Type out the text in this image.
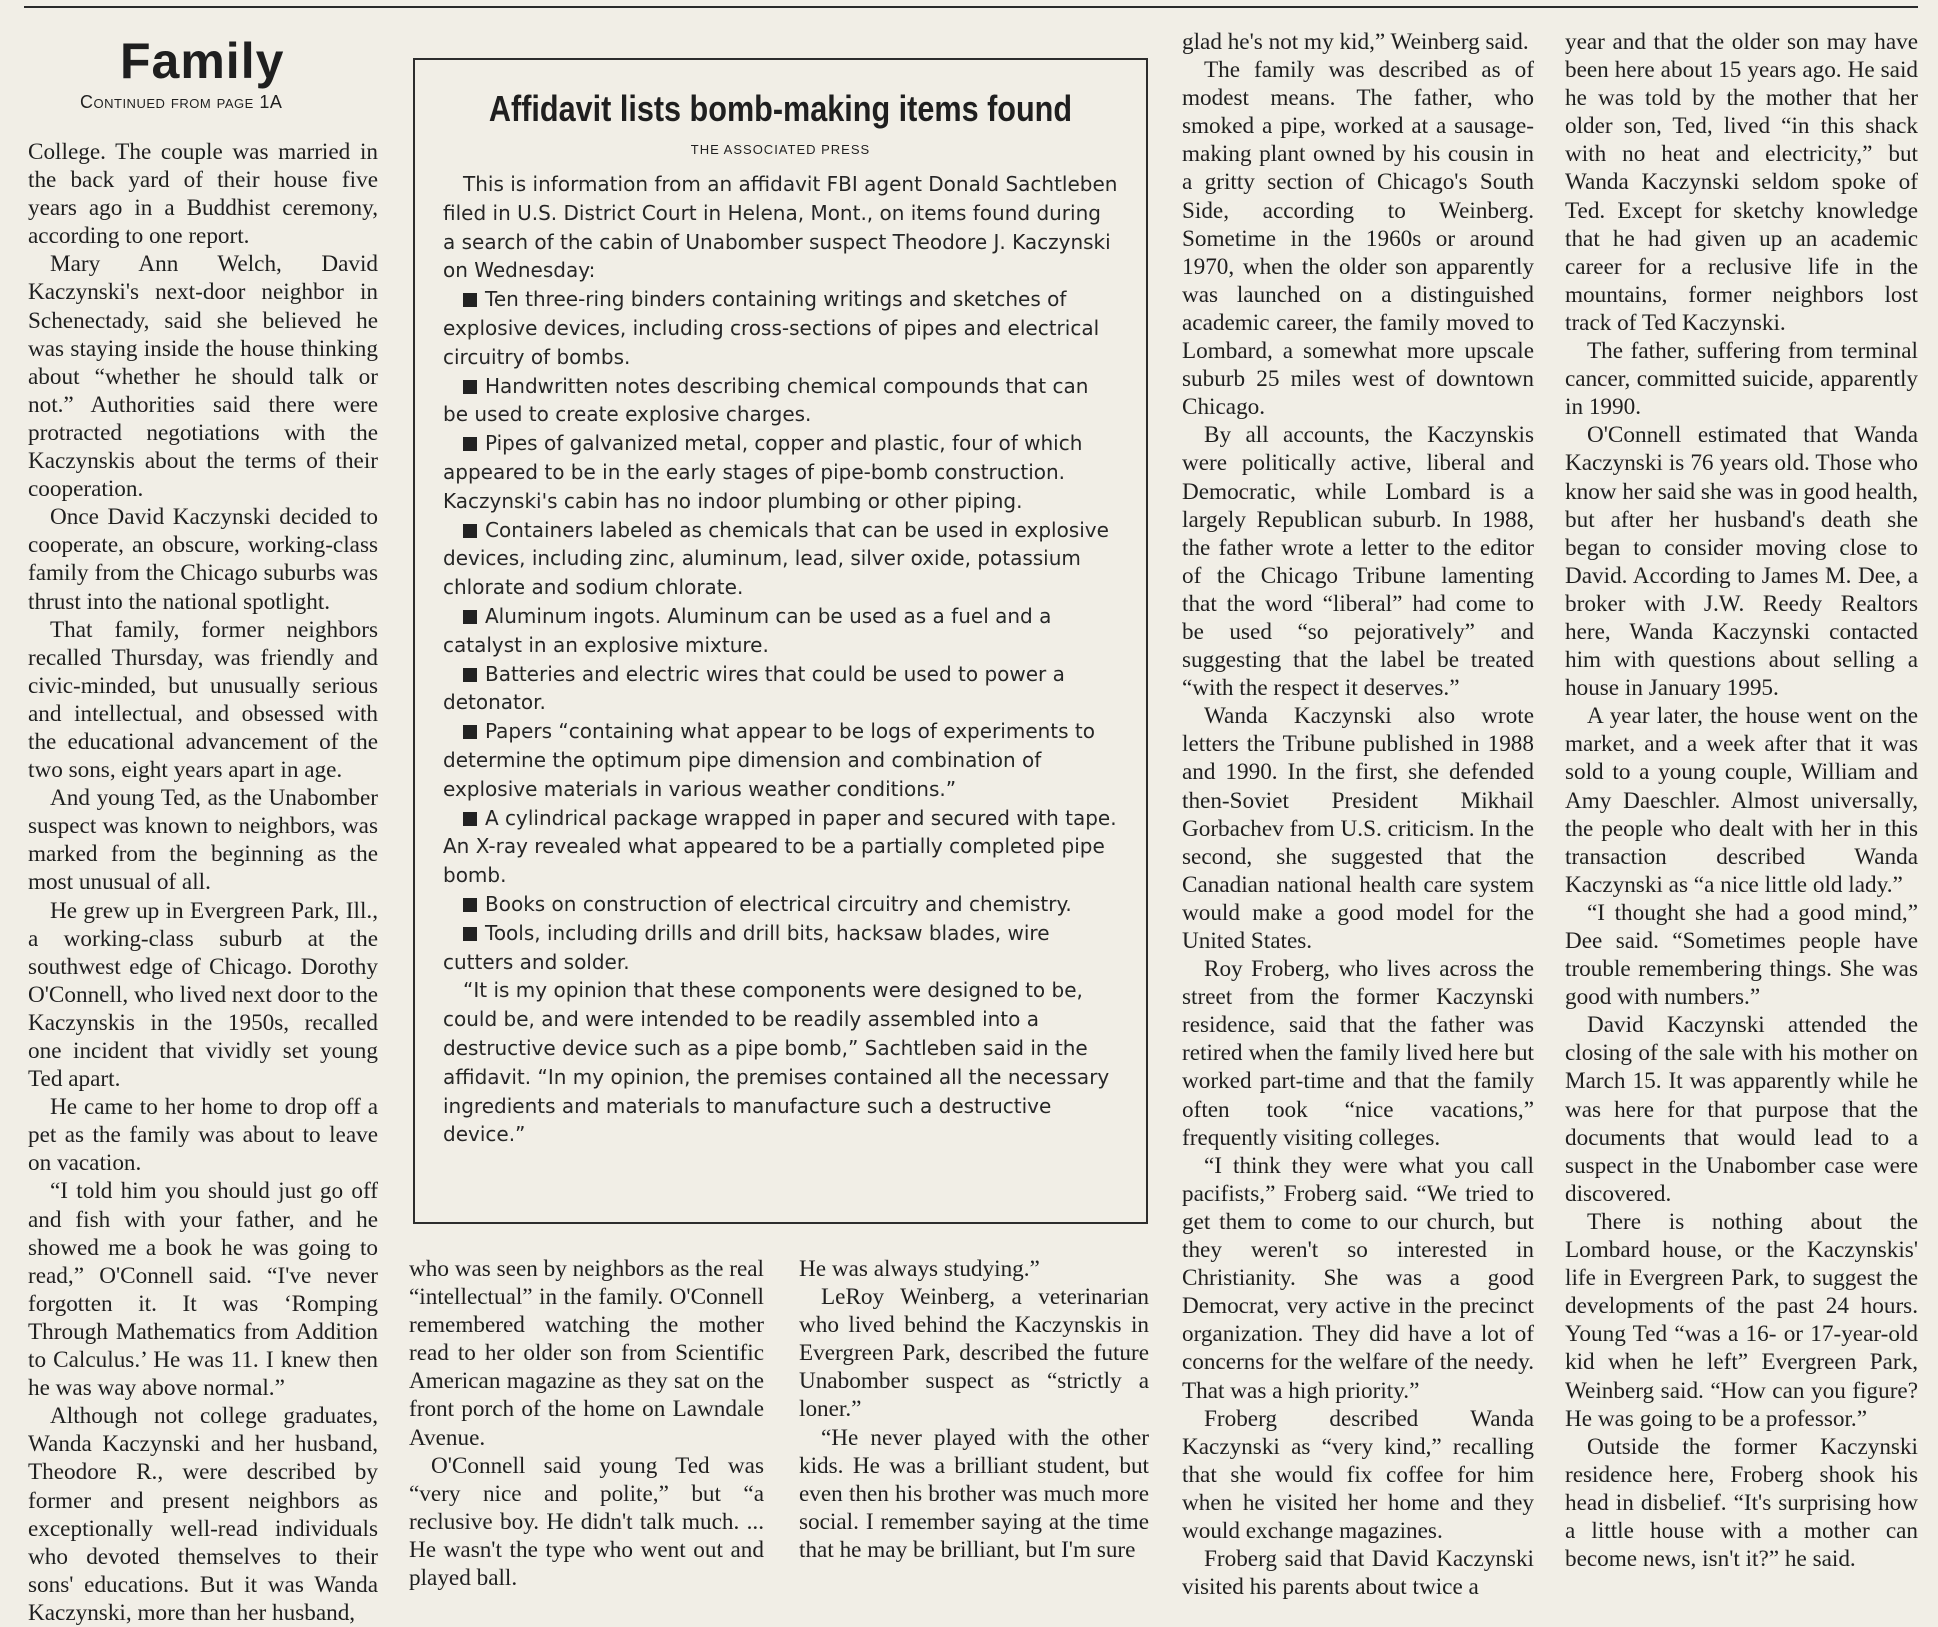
Family
Continued from page 1A

College. The couple was married in the back yard of their house five years ago in a Buddhist ceremony, according to one report.

Mary Ann Welch, David Kaczynski's next-door neighbor in Schenectady, said she believed he was staying inside the house thinking about “whether he should talk or not.” Authorities said there were protracted negotiations with the Kaczynskis about the terms of their cooperation.

Once David Kaczynski decided to cooperate, an obscure, working-class family from the Chicago suburbs was thrust into the national spotlight.

That family, former neighbors recalled Thursday, was friendly and civic-minded, but unusually serious and intellectual, and obsessed with the educational advancement of the two sons, eight years apart in age.

And young Ted, as the Unabomber suspect was known to neighbors, was marked from the beginning as the most unusual of all.

He grew up in Evergreen Park, Ill., a working-class suburb at the southwest edge of Chicago. Dorothy O'Connell, who lived next door to the Kaczynskis in the 1950s, recalled one incident that vividly set young Ted apart.

He came to her home to drop off a pet as the family was about to leave on vacation.

“I told him you should just go off and fish with your father, and he showed me a book he was going to read,” O'Connell said. “I've never forgotten it. It was ‘Romping Through Mathematics from Addition to Calculus.’ He was 11. I knew then he was way above normal.”

Although not college graduates, Wanda Kaczynski and her husband, Theodore R., were described by former and present neighbors as exceptionally well-read individuals who devoted themselves to their sons' educations. But it was Wanda Kaczynski, more than her husband,

Affidavit lists bomb-making items found
THE ASSOCIATED PRESS

This is information from an affidavit FBI agent Donald Sachtleben filed in U.S. District Court in Helena, Mont., on items found during a search of the cabin of Unabomber suspect Theodore J. Kaczynski on Wednesday:

Ten three-ring binders containing writings and sketches of explosive devices, including cross-sections of pipes and electrical circuitry of bombs.

Handwritten notes describing chemical compounds that can be used to create explosive charges.

Pipes of galvanized metal, copper and plastic, four of which appeared to be in the early stages of pipe-bomb construction. Kaczynski's cabin has no indoor plumbing or other piping.

Containers labeled as chemicals that can be used in explosive devices, including zinc, aluminum, lead, silver oxide, potassium chlorate and sodium chlorate.

Aluminum ingots. Aluminum can be used as a fuel and a catalyst in an explosive mixture.

Batteries and electric wires that could be used to power a detonator.

Papers “containing what appear to be logs of experiments to determine the optimum pipe dimension and combination of explosive materials in various weather conditions.”

A cylindrical package wrapped in paper and secured with tape. An X-ray revealed what appeared to be a partially completed pipe bomb.

Books on construction of electrical circuitry and chemistry.

Tools, including drills and drill bits, hacksaw blades, wire cutters and solder.

“It is my opinion that these components were designed to be, could be, and were intended to be readily assembled into a destructive device such as a pipe bomb,” Sachtleben said in the affidavit. “In my opinion, the premises contained all the necessary ingredients and materials to manufacture such a destructive device.”

who was seen by neighbors as the real “intellectual” in the family. O'Connell remembered watching the mother read to her older son from Scientific American magazine as they sat on the front porch of the home on Lawndale Avenue.

O'Connell said young Ted was “very nice and polite,” but “a reclusive boy. He didn't talk much. ... He wasn't the type who went out and played ball.

He was always studying.”

LeRoy Weinberg, a veterinarian who lived behind the Kaczynskis in Evergreen Park, described the future Unabomber suspect as “strictly a loner.”

“He never played with the other kids. He was a brilliant student, but even then his brother was much more social. I remember saying at the time that he may be brilliant, but I'm sure

glad he's not my kid,” Weinberg said.

The family was described as of modest means. The father, who smoked a pipe, worked at a sausage-making plant owned by his cousin in a gritty section of Chicago's South Side, according to Weinberg. Sometime in the 1960s or around 1970, when the older son apparently was launched on a distinguished academic career, the family moved to Lombard, a somewhat more upscale suburb 25 miles west of downtown Chicago.

By all accounts, the Kaczynskis were politically active, liberal and Democratic, while Lombard is a largely Republican suburb. In 1988, the father wrote a letter to the editor of the Chicago Tribune lamenting that the word “liberal” had come to be used “so pejoratively” and suggesting that the label be treated “with the respect it deserves.”

Wanda Kaczynski also wrote letters the Tribune published in 1988 and 1990. In the first, she defended then-Soviet President Mikhail Gorbachev from U.S. criticism. In the second, she suggested that the Canadian national health care system would make a good model for the United States.

Roy Froberg, who lives across the street from the former Kaczynski residence, said that the father was retired when the family lived here but worked part-time and that the family often took “nice vacations,” frequently visiting colleges.

“I think they were what you call pacifists,” Froberg said. “We tried to get them to come to our church, but they weren't so interested in Christianity. She was a good Democrat, very active in the precinct organization. They did have a lot of concerns for the welfare of the needy. That was a high priority.”

Froberg described Wanda Kaczynski as “very kind,” recalling that she would fix coffee for him when he visited her home and they would exchange magazines.

Froberg said that David Kaczynski visited his parents about twice a

year and that the older son may have been here about 15 years ago. He said he was told by the mother that her older son, Ted, lived “in this shack with no heat and electricity,” but Wanda Kaczynski seldom spoke of Ted. Except for sketchy knowledge that he had given up an academic career for a reclusive life in the mountains, former neighbors lost track of Ted Kaczynski.

The father, suffering from terminal cancer, committed suicide, apparently in 1990.

O'Connell estimated that Wanda Kaczynski is 76 years old. Those who know her said she was in good health, but after her husband's death she began to consider moving close to David. According to James M. Dee, a broker with J.W. Reedy Realtors here, Wanda Kaczynski contacted him with questions about selling a house in January 1995.

A year later, the house went on the market, and a week after that it was sold to a young couple, William and Amy Daeschler. Almost universally, the people who dealt with her in this transaction described Wanda Kaczynski as “a nice little old lady.”

“I thought she had a good mind,” Dee said. “Sometimes people have trouble remembering things. She was good with numbers.”

David Kaczynski attended the closing of the sale with his mother on March 15. It was apparently while he was here for that purpose that the documents that would lead to a suspect in the Unabomber case were discovered.

There is nothing about the Lombard house, or the Kaczynskis' life in Evergreen Park, to suggest the developments of the past 24 hours. Young Ted “was a 16- or 17-year-old kid when he left” Evergreen Park, Weinberg said. “How can you figure? He was going to be a professor.”

Outside the former Kaczynski residence here, Froberg shook his head in disbelief. “It's surprising how a little house with a mother can become news, isn't it?” he said.
